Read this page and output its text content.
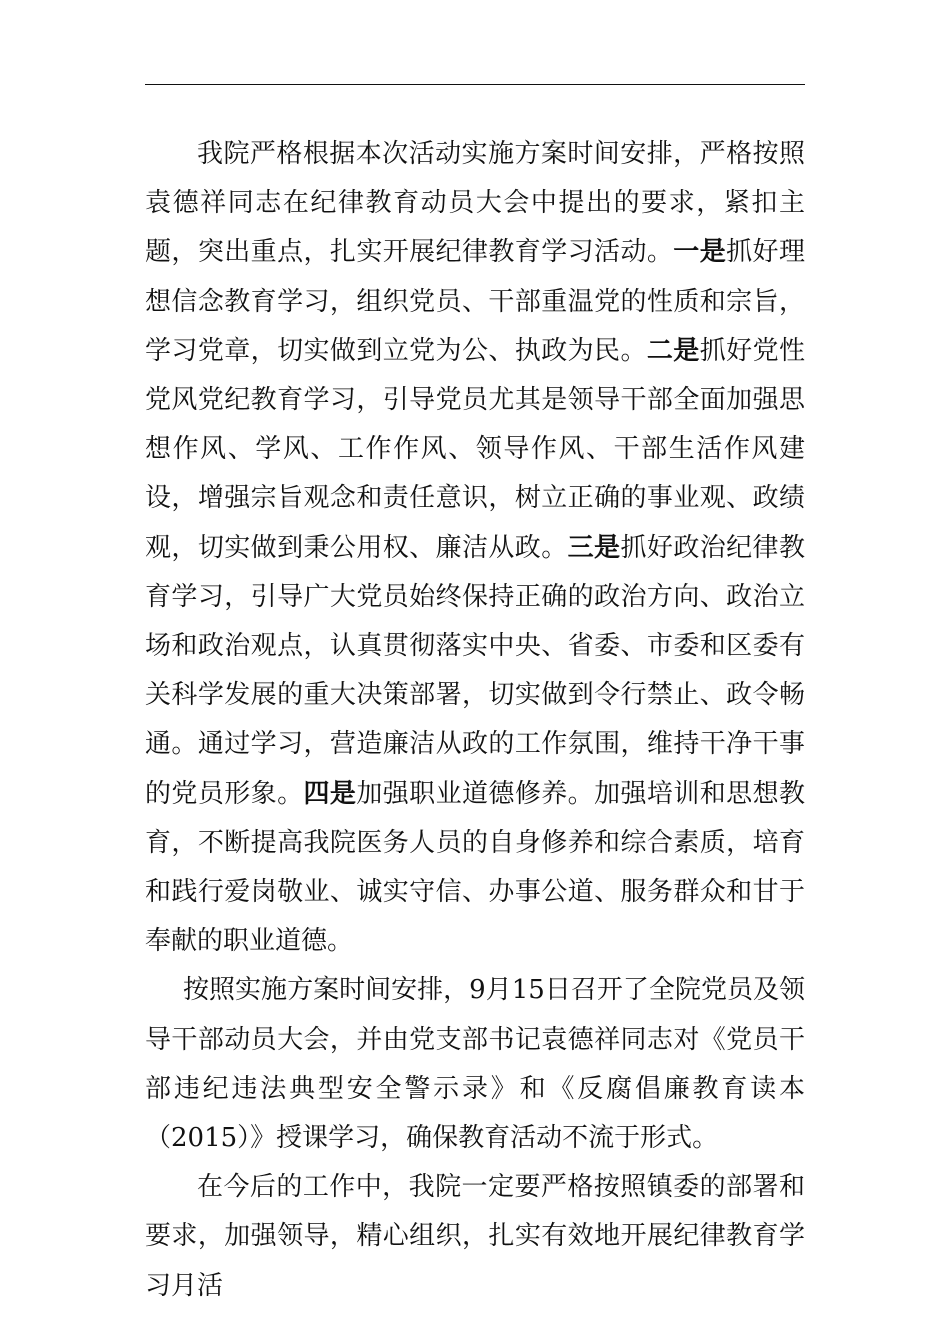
我院严格根据本次活动实施方案时间安排，严格按照袁德祥同志在纪律教育动员大会中提出的要求，紧扣主题，突出重点，扎实开展纪律教育学习活动。一是抓好理想信念教育学习，组织党员、干部重温党的性质和宗旨，学习党章，切实做到立党为公、执政为民。二是抓好党性党风党纪教育学习，引导党员尤其是领导干部全面加强思想作风、学风、工作作风、领导作风、干部生活作风建设，增强宗旨观念和责任意识，树立正确的事业观、政绩观，切实做到秉公用权、廉洁从政。三是抓好政治纪律教育学习，引导广大党员始终保持正确的政治方向、政治立场和政治观点，认真贯彻落实中央、省委、市委和区委有关科学发展的重大决策部署，切实做到令行禁止、政令畅通。通过学习，营造廉洁从政的工作氛围，维持干净干事的党员形象。四是加强职业道德修养。加强培训和思想教育，不断提高我院医务人员的自身修养和综合素质，培育和践行爱岗敬业、诚实守信、办事公道、服务群众和甘于奉献的职业道德。

按照实施方案时间安排，9月15日召开了全院党员及领导干部动员大会，并由党支部书记袁德祥同志对《党员干部违纪违法典型安全警示录》和《反腐倡廉教育读本（2015）》授课学习，确保教育活动不流于形式。

在今后的工作中，我院一定要严格按照镇委的部署和要求，加强领导，精心组织，扎实有效地开展纪律教育学习月活
